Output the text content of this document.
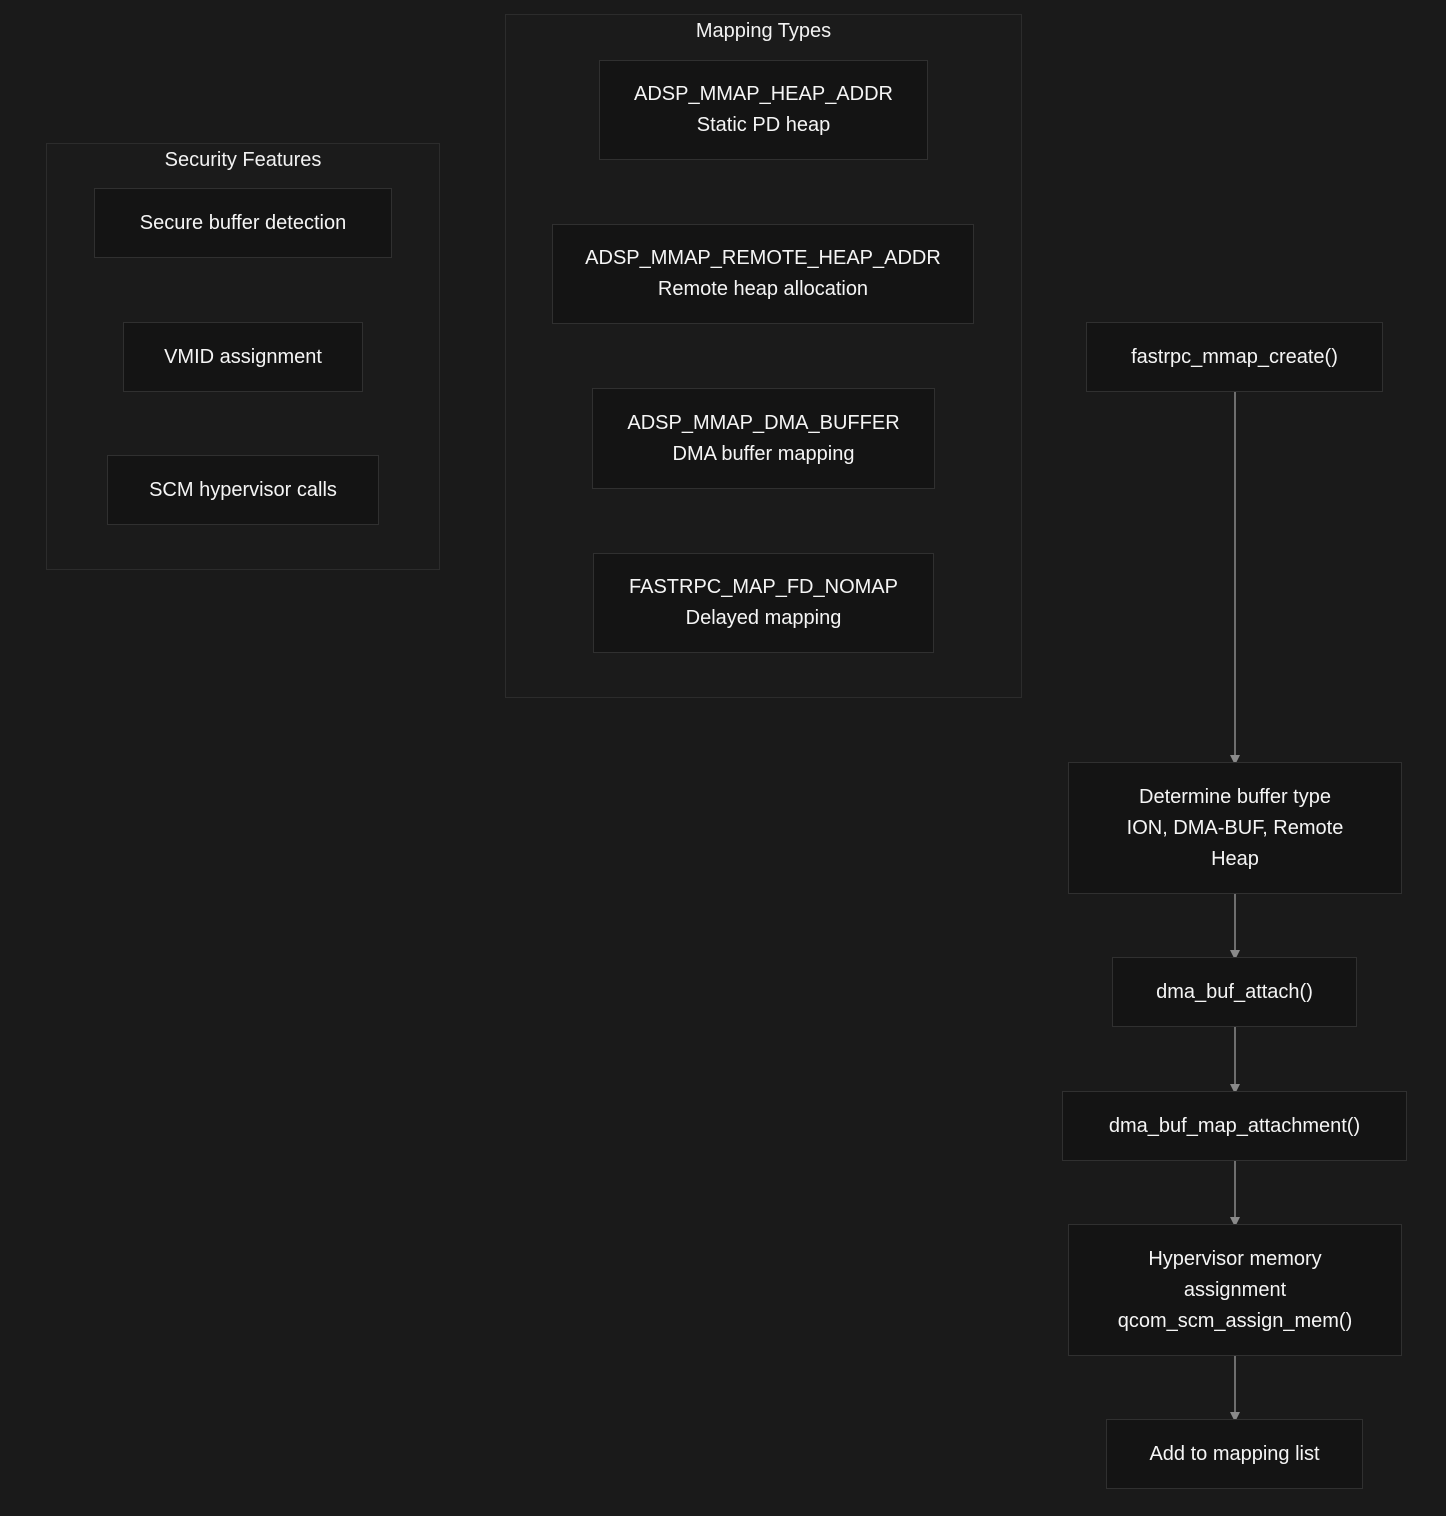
Security Features
Secure buffer detection
VMID assignment
SCM hypervisor calls
Mapping Types
ADSP_MMAP_HEAP_ADDR
Static PD heap
ADSP_MMAP_REMOTE_HEAP_ADDR
Remote heap allocation
ADSP_MMAP_DMA_BUFFER
DMA buffer mapping
FASTRPC_MAP_FD_NOMAP
Delayed mapping
fastrpc_mmap_create()
Determine buffer type
ION, DMA-BUF, Remote
Heap
dma_buf_attach()
dma_buf_map_attachment()
Hypervisor memory
assignment
qcom_scm_assign_mem()
Add to mapping list
